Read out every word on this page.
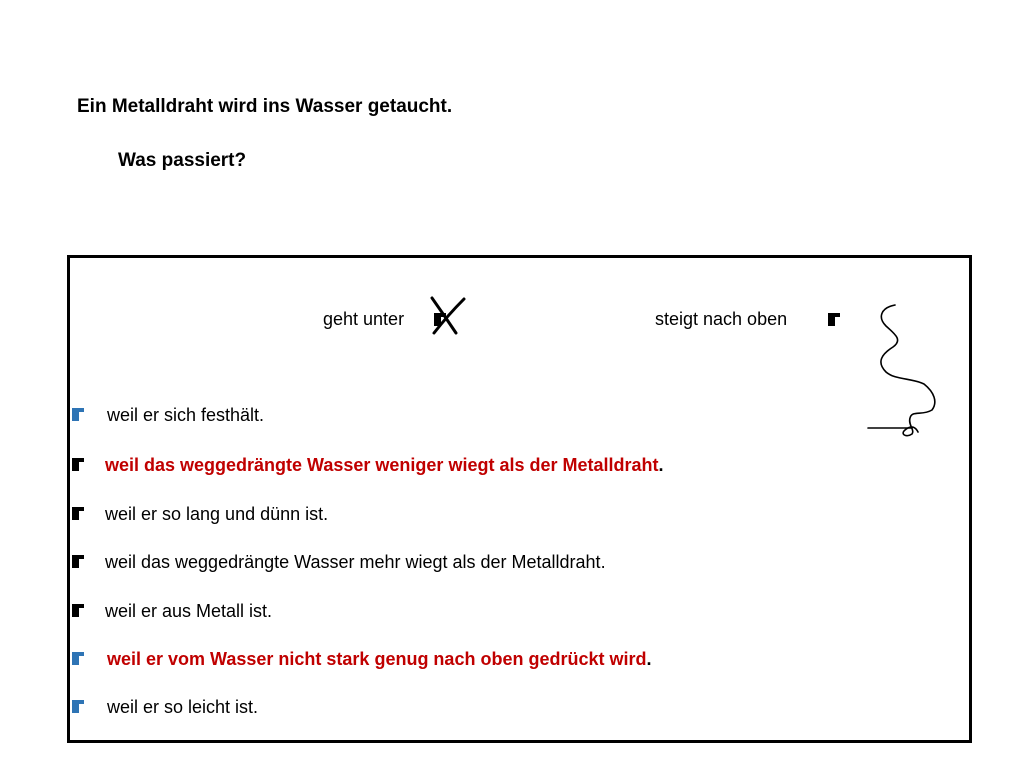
Ein Metalldraht wird ins Wasser getaucht.
Was passiert?
geht unter	steigt nach oben
weil er sich festhält.
weil das weggedrängte Wasser weniger wiegt als der Metalldraht.
weil er so lang und dünn ist.
weil das weggedrängte Wasser mehr wiegt als der Metalldraht.
weil er aus Metall ist.
weil er vom Wasser nicht stark genug nach oben gedrückt wird.
weil er so leicht ist.
